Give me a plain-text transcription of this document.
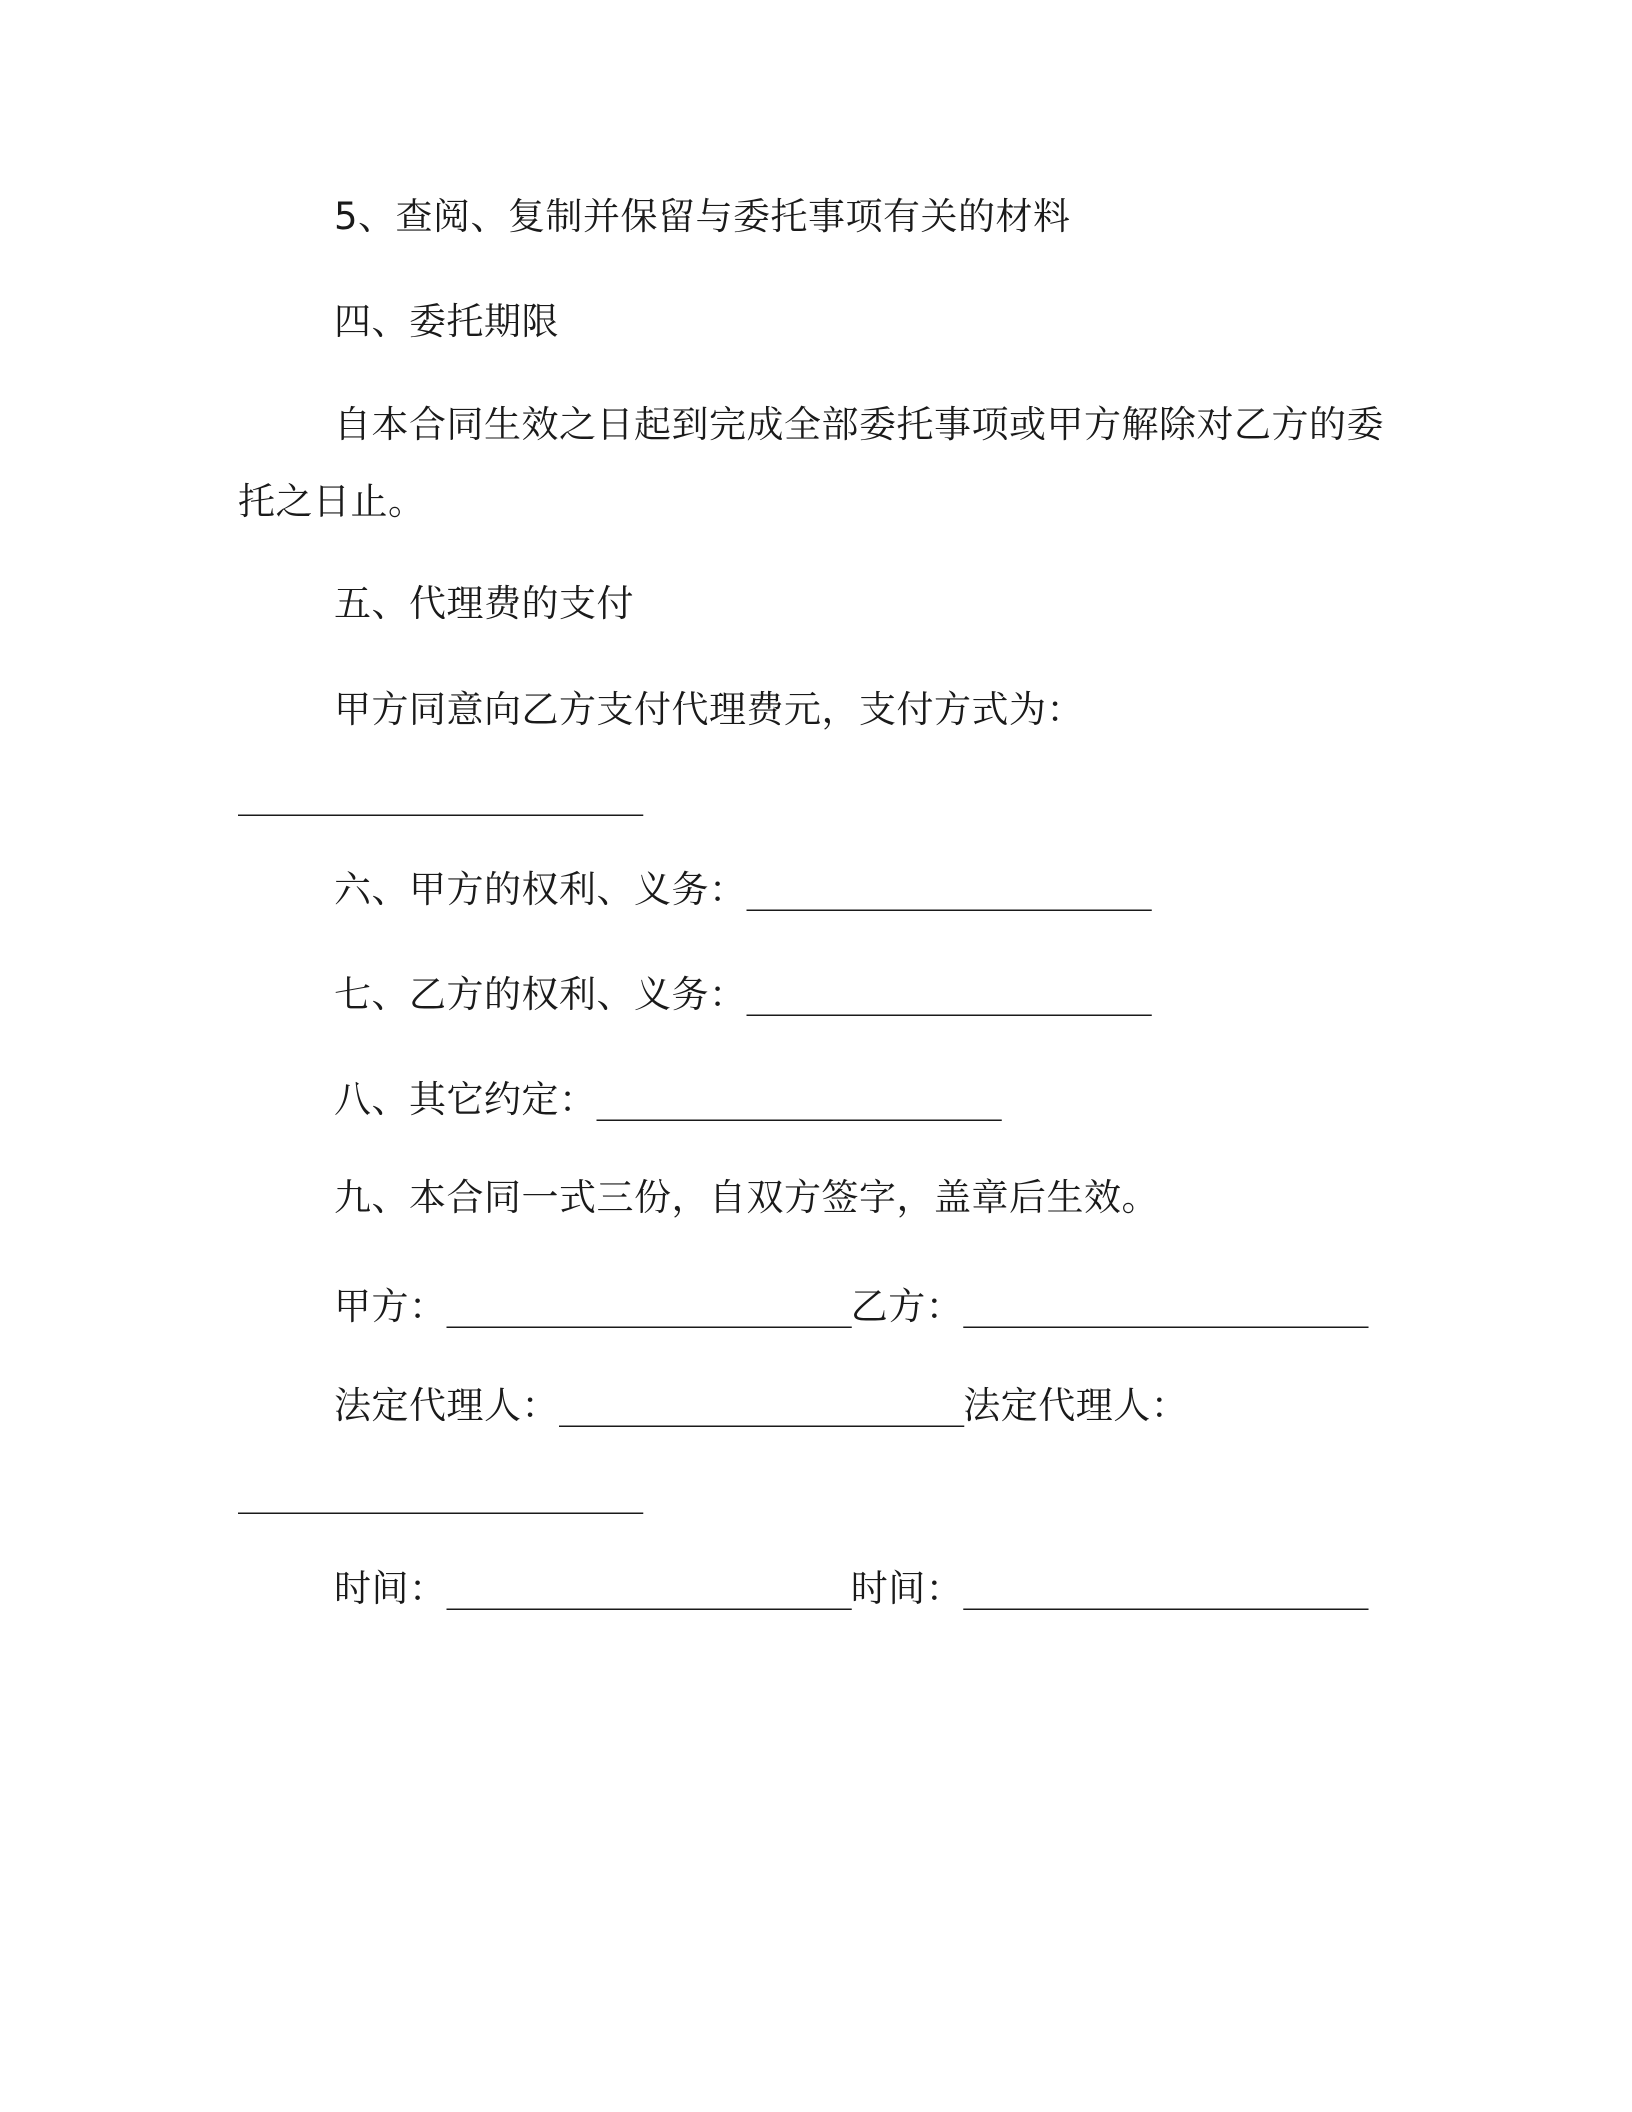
5、查阅、复制并保留与委托事项有关的材料
四、委托期限
自本合同生效之日起到完成全部委托事项或甲方解除对乙方的委
托之日止。
五、代理费的支付
甲方同意向乙方支付代理费元，支付方式为：
___________________
六、甲方的权利、义务：___________________
七、乙方的权利、义务：___________________
八、其它约定：___________________
九、本合同一式三份，自双方签字，盖章后生效。
甲方：___________________乙方：___________________
法定代理人：___________________法定代理人：
___________________
时间：___________________时间：___________________
